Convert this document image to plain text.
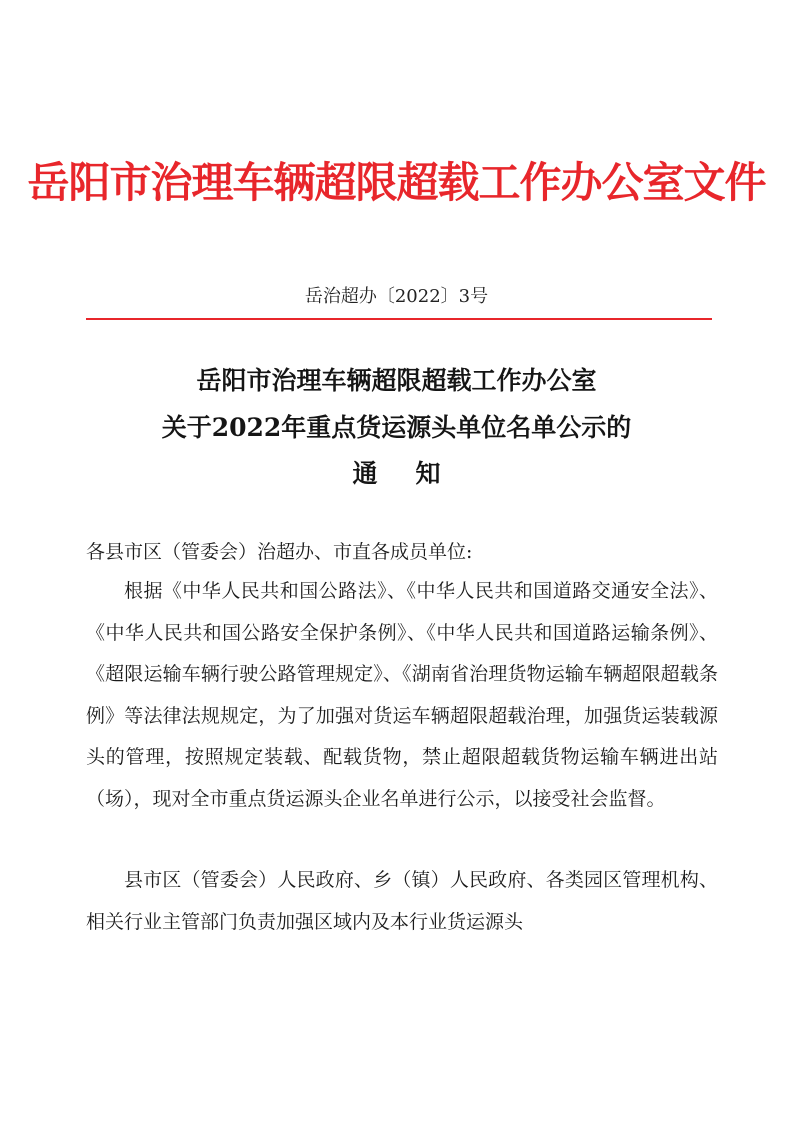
岳阳市治理车辆超限超载工作办公室文件
岳治超办〔2022〕3号
岳阳市治理车辆超限超载工作办公室
关于2022年重点货运源头单位名单公示的
通 知
各县市区（管委会）治超办、市直各成员单位:
根据《中华人民共和国公路法》、《中华人民共和国道路交通安全法》、《中华人民共和国公路安全保护条例》、《中华人民共和国道路运输条例》、《超限运输车辆行驶公路管理规定》、《湖南省治理货物运输车辆超限超载条例》等法律法规规定，为了加强对货运车辆超限超载治理，加强货运装载源头的管理，按照规定装载、配载货物，禁止超限超载货物运输车辆进出站（场），现对全市重点货运源头企业名单进行公示，以接受社会监督。
县市区（管委会）人民政府、乡（镇）人民政府、各类园区管理机构、相关行业主管部门负责加强区域内及本行业货运源头
